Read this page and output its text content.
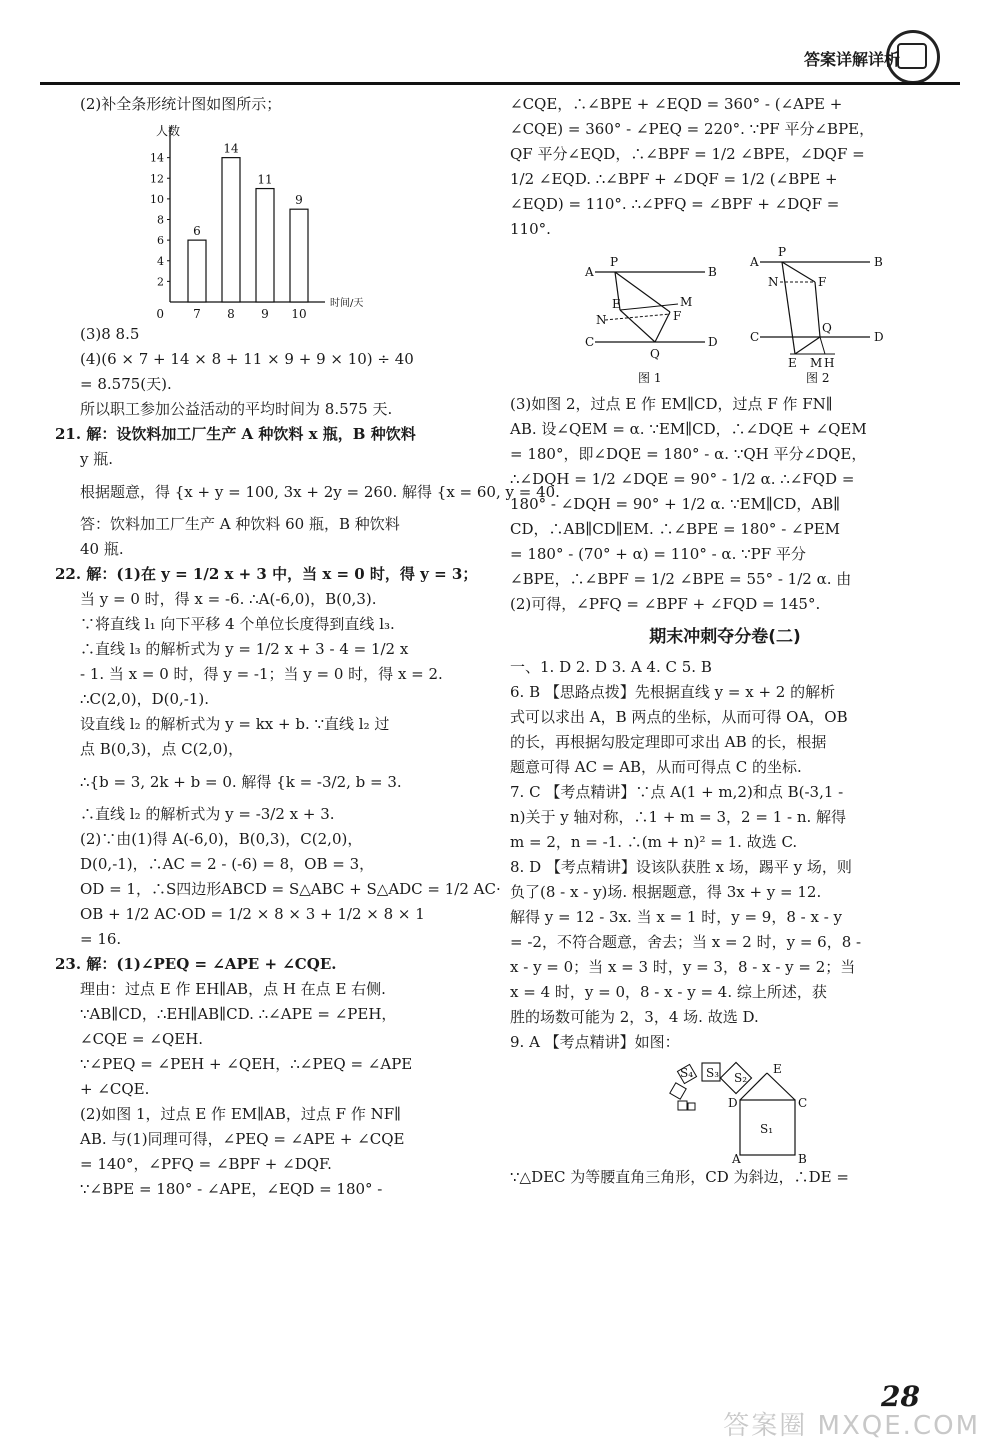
答案详解详析

(2)补全条形统计图如图所示；

人数
时间/天
0
2
4
6
8
10
12
14
6
7
14
8
11
9
9
10

(3)8 8.5

(4)(6 × 7 + 14 × 8 + 11 × 9 + 9 × 10) ÷ 40

= 8.575(天).

所以职工参加公益活动的平均时间为 8.575 天.

21. 解：设饮料加工厂生产 A 种饮料 x 瓶，B 种饮料

y 瓶.

根据题意，得 {x + y = 100, 3x + 2y = 260. 解得 {x = 60, y = 40.

答：饮料加工厂生产 A 种饮料 60 瓶，B 种饮料

40 瓶.

22. 解：(1)在 y = 1/2 x + 3 中，当 x = 0 时，得 y = 3；

当 y = 0 时，得 x = -6. ∴A(-6,0)，B(0,3).

∵将直线 l₁ 向下平移 4 个单位长度得到直线 l₃.

∴直线 l₃ 的解析式为 y = 1/2 x + 3 - 4 = 1/2 x

- 1. 当 x = 0 时，得 y = -1；当 y = 0 时，得 x = 2.

∴C(2,0)，D(0,-1).

设直线 l₂ 的解析式为 y = kx + b. ∵直线 l₂ 过

点 B(0,3)，点 C(2,0)，

∴{b = 3, 2k + b = 0. 解得 {k = -3/2, b = 3.

∴直线 l₂ 的解析式为 y = -3/2 x + 3.

(2)∵由(1)得 A(-6,0)，B(0,3)，C(2,0)，

D(0,-1)，∴AC = 2 - (-6) = 8，OB = 3，

OD = 1，∴S四边形ABCD = S△ABC + S△ADC = 1/2 AC·

OB + 1/2 AC·OD = 1/2 × 8 × 3 + 1/2 × 8 × 1

= 16.

23. 解：(1)∠PEQ = ∠APE + ∠CQE.

理由：过点 E 作 EH∥AB，点 H 在点 E 右侧.

∵AB∥CD，∴EH∥AB∥CD. ∴∠APE = ∠PEH，

∠CQE = ∠QEH.

∵∠PEQ = ∠PEH + ∠QEH，∴∠PEQ = ∠APE

+ ∠CQE.

(2)如图 1，过点 E 作 EM∥AB，过点 F 作 NF∥

AB. 与(1)同理可得，∠PEQ = ∠APE + ∠CQE

= 140°，∠PFQ = ∠BPF + ∠DQF.

∵∠BPE = 180° - ∠APE，∠EQD = 180° -

∠CQE，∴∠BPE + ∠EQD = 360° - (∠APE +

∠CQE) = 360° - ∠PEQ = 220°. ∵PF 平分∠BPE，

QF 平分∠EQD，∴∠BPF = 1/2 ∠BPE，∠DQF =

1/2 ∠EQD. ∴∠BPF + ∠DQF = 1/2 (∠BPE +

∠EQD) = 110°. ∴∠PFQ = ∠BPF + ∠DQF =

110°.

A
P
B
E	M
N	F
C	D
Q
图 1
A
P
B
N	F
C	D
Q
E M H
图 2

(3)如图 2，过点 E 作 EM∥CD，过点 F 作 FN∥

AB. 设∠QEM = α. ∵EM∥CD，∴∠DQE + ∠QEM

= 180°，即∠DQE = 180° - α. ∵QH 平分∠DQE，

∴∠DQH = 1/2 ∠DQE = 90° - 1/2 α. ∴∠FQD =

180° - ∠DQH = 90° + 1/2 α. ∵EM∥CD，AB∥

CD，∴AB∥CD∥EM. ∴∠BPE = 180° - ∠PEM

= 180° - (70° + α) = 110° - α. ∵PF 平分

∠BPE，∴∠BPF = 1/2 ∠BPE = 55° - 1/2 α. 由

(2)可得，∠PFQ = ∠BPF + ∠FQD = 145°.

期末冲刺夺分卷(二)

一、1. D 2. D 3. A 4. C 5. B

6. B 【思路点拨】先根据直线 y = x + 2 的解析

式可以求出 A，B 两点的坐标，从而可得 OA，OB

的长，再根据勾股定理即可求出 AB 的长，根据

题意可得 AC = AB，从而可得点 C 的坐标.

7. C 【考点精讲】∵点 A(1 + m,2)和点 B(-3,1 -

n)关于 y 轴对称，∴1 + m = 3，2 = 1 - n. 解得

m = 2，n = -1. ∴(m + n)² = 1. 故选 C.

8. D 【考点精讲】设该队获胜 x 场，踢平 y 场，则

负了(8 - x - y)场. 根据题意，得 3x + y = 12.

解得 y = 12 - 3x. 当 x = 1 时，y = 9，8 - x - y

= -2，不符合题意，舍去；当 x = 2 时，y = 6，8 -

x - y = 0；当 x = 3 时，y = 3，8 - x - y = 2；当

x = 4 时，y = 0，8 - x - y = 4. 综上所述，获

胜的场数可能为 2，3，4 场. 故选 D.

9. A 【考点精讲】如图：

S₁
S₂
S₃
S₄
D	C
E
A	B

∵△DEC 为等腰直角三角形，CD 为斜边，∴DE =

28
答案圈 MXQE.COM
